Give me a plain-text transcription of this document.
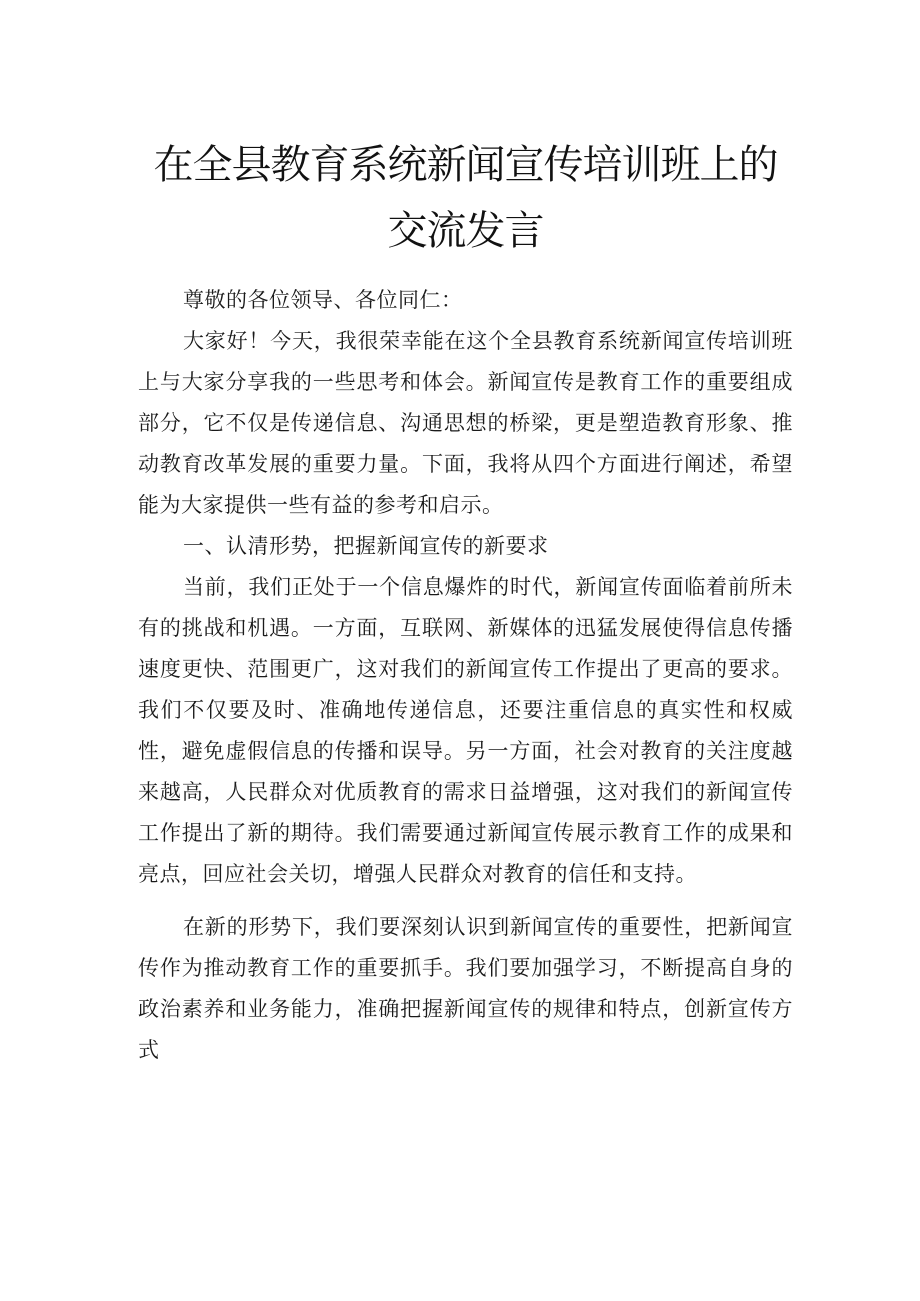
在全县教育系统新闻宣传培训班上的交流发言

尊敬的各位领导、各位同仁：

大家好！今天，我很荣幸能在这个全县教育系统新闻宣传培训班上与大家分享我的一些思考和体会。新闻宣传是教育工作的重要组成部分，它不仅是传递信息、沟通思想的桥梁，更是塑造教育形象、推动教育改革发展的重要力量。下面，我将从四个方面进行阐述，希望能为大家提供一些有益的参考和启示。

一、认清形势，把握新闻宣传的新要求

当前，我们正处于一个信息爆炸的时代，新闻宣传面临着前所未有的挑战和机遇。一方面，互联网、新媒体的迅猛发展使得信息传播速度更快、范围更广，这对我们的新闻宣传工作提出了更高的要求。我们不仅要及时、准确地传递信息，还要注重信息的真实性和权威性，避免虚假信息的传播和误导。另一方面，社会对教育的关注度越来越高，人民群众对优质教育的需求日益增强，这对我们的新闻宣传工作提出了新的期待。我们需要通过新闻宣传展示教育工作的成果和亮点，回应社会关切，增强人民群众对教育的信任和支持。

在新的形势下，我们要深刻认识到新闻宣传的重要性，把新闻宣传作为推动教育工作的重要抓手。我们要加强学习，不断提高自身的政治素养和业务能力，准确把握新闻宣传的规律和特点，创新宣传方式
